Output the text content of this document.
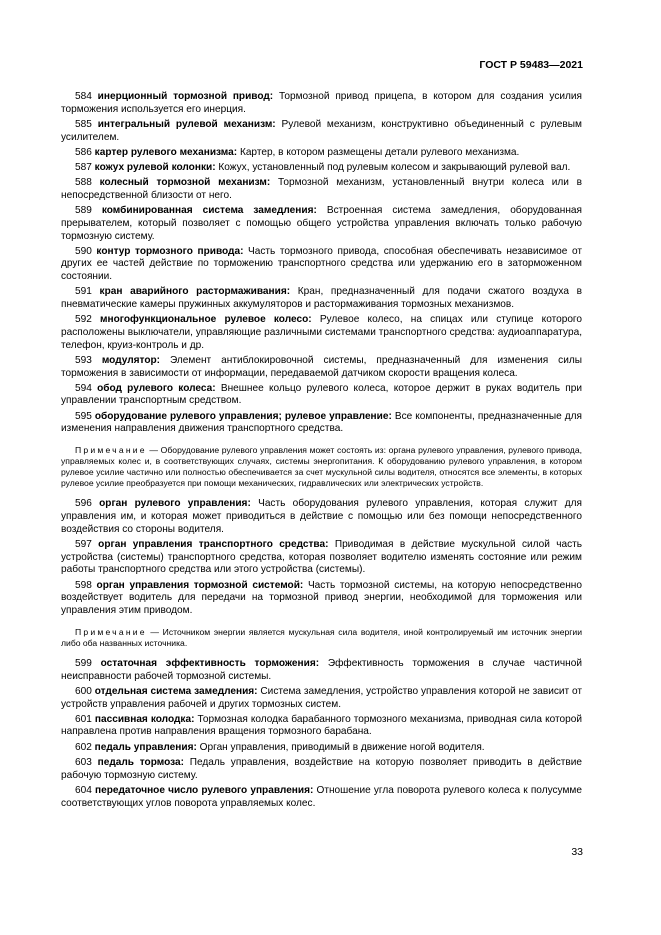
ГОСТ Р 59483—2021

584 инерционный тормозной привод: Тормозной привод прицепа, в котором для создания усилия торможения используется его инерция.

585 интегральный рулевой механизм: Рулевой механизм, конструктивно объединенный с рулевым усилителем.

586 картер рулевого механизма: Картер, в котором размещены детали рулевого механизма.

587 кожух рулевой колонки: Кожух, установленный под рулевым колесом и закрывающий рулевой вал.

588 колесный тормозной механизм: Тормозной механизм, установленный внутри колеса или в непосредственной близости от него.

589 комбинированная система замедления: Встроенная система замедления, оборудованная прерывателем, который позволяет с помощью общего устройства управления включать только рабочую тормозную систему.

590 контур тормозного привода: Часть тормозного привода, способная обеспечивать независимое от других ее частей действие по торможению транспортного средства или удержанию его в заторможенном состоянии.

591 кран аварийного растормаживания: Кран, предназначенный для подачи сжатого воздуха в пневматические камеры пружинных аккумуляторов и растормаживания тормозных механизмов.

592 многофункциональное рулевое колесо: Рулевое колесо, на спицах или ступице которого расположены выключатели, управляющие различными системами транспортного средства: аудиоаппаратура, телефон, круиз-контроль и др.

593 модулятор: Элемент антиблокировочной системы, предназначенный для изменения силы торможения в зависимости от информации, передаваемой датчиком скорости вращения колеса.

594 обод рулевого колеса: Внешнее кольцо рулевого колеса, которое держит в руках водитель при управлении транспортным средством.

595 оборудование рулевого управления; рулевое управление: Все компоненты, предназначенные для изменения направления движения транспортного средства.

Примечание — Оборудование рулевого управления может состоять из: органа рулевого управления, рулевого привода, управляемых колес и, в соответствующих случаях, системы энергопитания. К оборудованию рулевого управления, в котором рулевое усилие частично или полностью обеспечивается за счет мускульной силы водителя, относятся все элементы, в которых рулевое усилие преобразуется при помощи механических, гидравлических или электрических устройств.

596 орган рулевого управления: Часть оборудования рулевого управления, которая служит для управления им, и которая может приводиться в действие с помощью или без помощи непосредственного воздействия со стороны водителя.

597 орган управления транспортного средства: Приводимая в действие мускульной силой часть устройства (системы) транспортного средства, которая позволяет водителю изменять состояние или режим работы транспортного средства или этого устройства (системы).

598 орган управления тормозной системой: Часть тормозной системы, на которую непосредственно воздействует водитель для передачи на тормозной привод энергии, необходимой для торможения или управления этим приводом.

Примечание — Источником энергии является мускульная сила водителя, иной контролируемый им источник энергии либо оба названных источника.

599 остаточная эффективность торможения: Эффективность торможения в случае частичной неисправности рабочей тормозной системы.

600 отдельная система замедления: Система замедления, устройство управления которой не зависит от устройств управления рабочей и других тормозных систем.

601 пассивная колодка: Тормозная колодка барабанного тормозного механизма, приводная сила которой направлена против направления вращения тормозного барабана.

602 педаль управления: Орган управления, приводимый в движение ногой водителя.

603 педаль тормоза: Педаль управления, воздействие на которую позволяет приводить в действие рабочую тормозную систему.

604 передаточное число рулевого управления: Отношение угла поворота рулевого колеса к полусумме соответствующих углов поворота управляемых колес.

33
